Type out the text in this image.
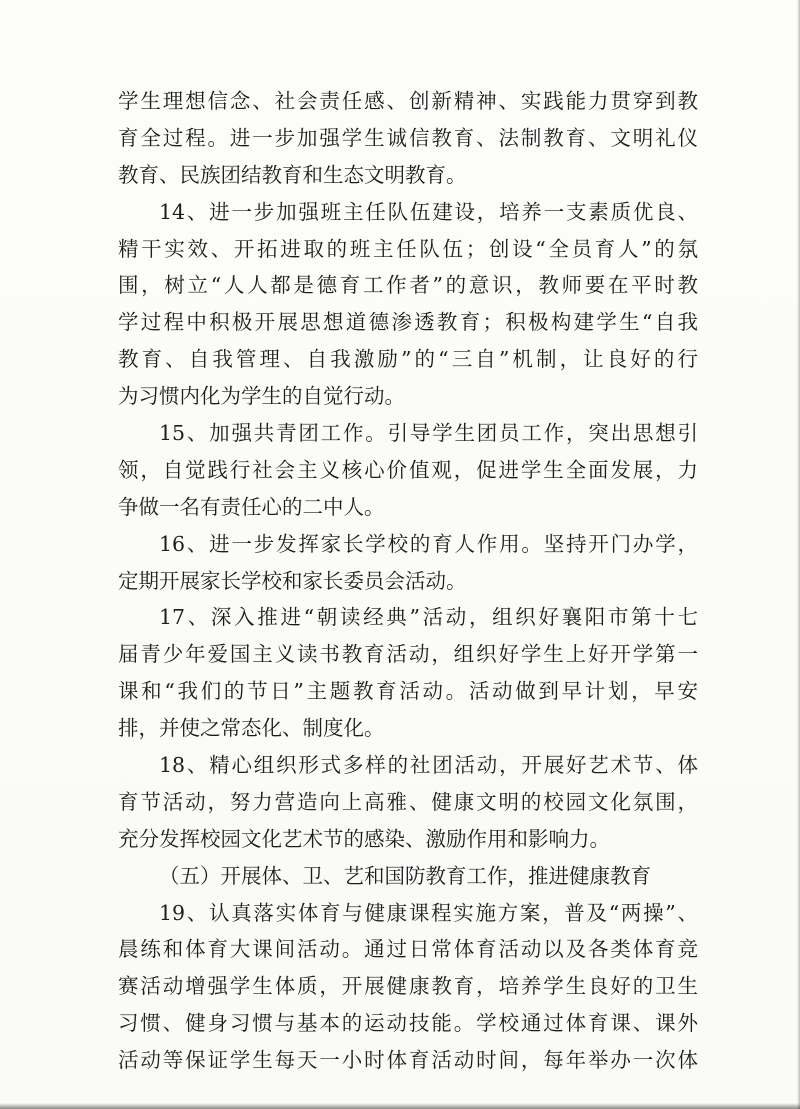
学生理想信念、社会责任感、创新精神、实践能力贯穿到教
育全过程。进一步加强学生诚信教育、法制教育、文明礼仪
教育、民族团结教育和生态文明教育。
14、进一步加强班主任队伍建设，培养一支素质优良、
精干实效、开拓进取的班主任队伍；创设“全员育人”的氛
围，树立“人人都是德育工作者”的意识，教师要在平时教
学过程中积极开展思想道德渗透教育；积极构建学生“自我
教育、自我管理、自我激励”的“三自”机制，让良好的行
为习惯内化为学生的自觉行动。
15、加强共青团工作。引导学生团员工作，突出思想引
领，自觉践行社会主义核心价值观，促进学生全面发展，力
争做一名有责任心的二中人。
16、进一步发挥家长学校的育人作用。坚持开门办学，
定期开展家长学校和家长委员会活动。
17、深入推进“朝读经典”活动，组织好襄阳市第十七
届青少年爱国主义读书教育活动，组织好学生上好开学第一
课和“我们的节日”主题教育活动。活动做到早计划，早安
排，并使之常态化、制度化。
18、精心组织形式多样的社团活动，开展好艺术节、体
育节活动，努力营造向上高雅、健康文明的校园文化氛围，
充分发挥校园文化艺术节的感染、激励作用和影响力。
（五）开展体、卫、艺和国防教育工作，推进健康教育
19、认真落实体育与健康课程实施方案，普及“两操”、
晨练和体育大课间活动。通过日常体育活动以及各类体育竞
赛活动增强学生体质，开展健康教育，培养学生良好的卫生
习惯、健身习惯与基本的运动技能。学校通过体育课、课外
活动等保证学生每天一小时体育活动时间，每年举办一次体
